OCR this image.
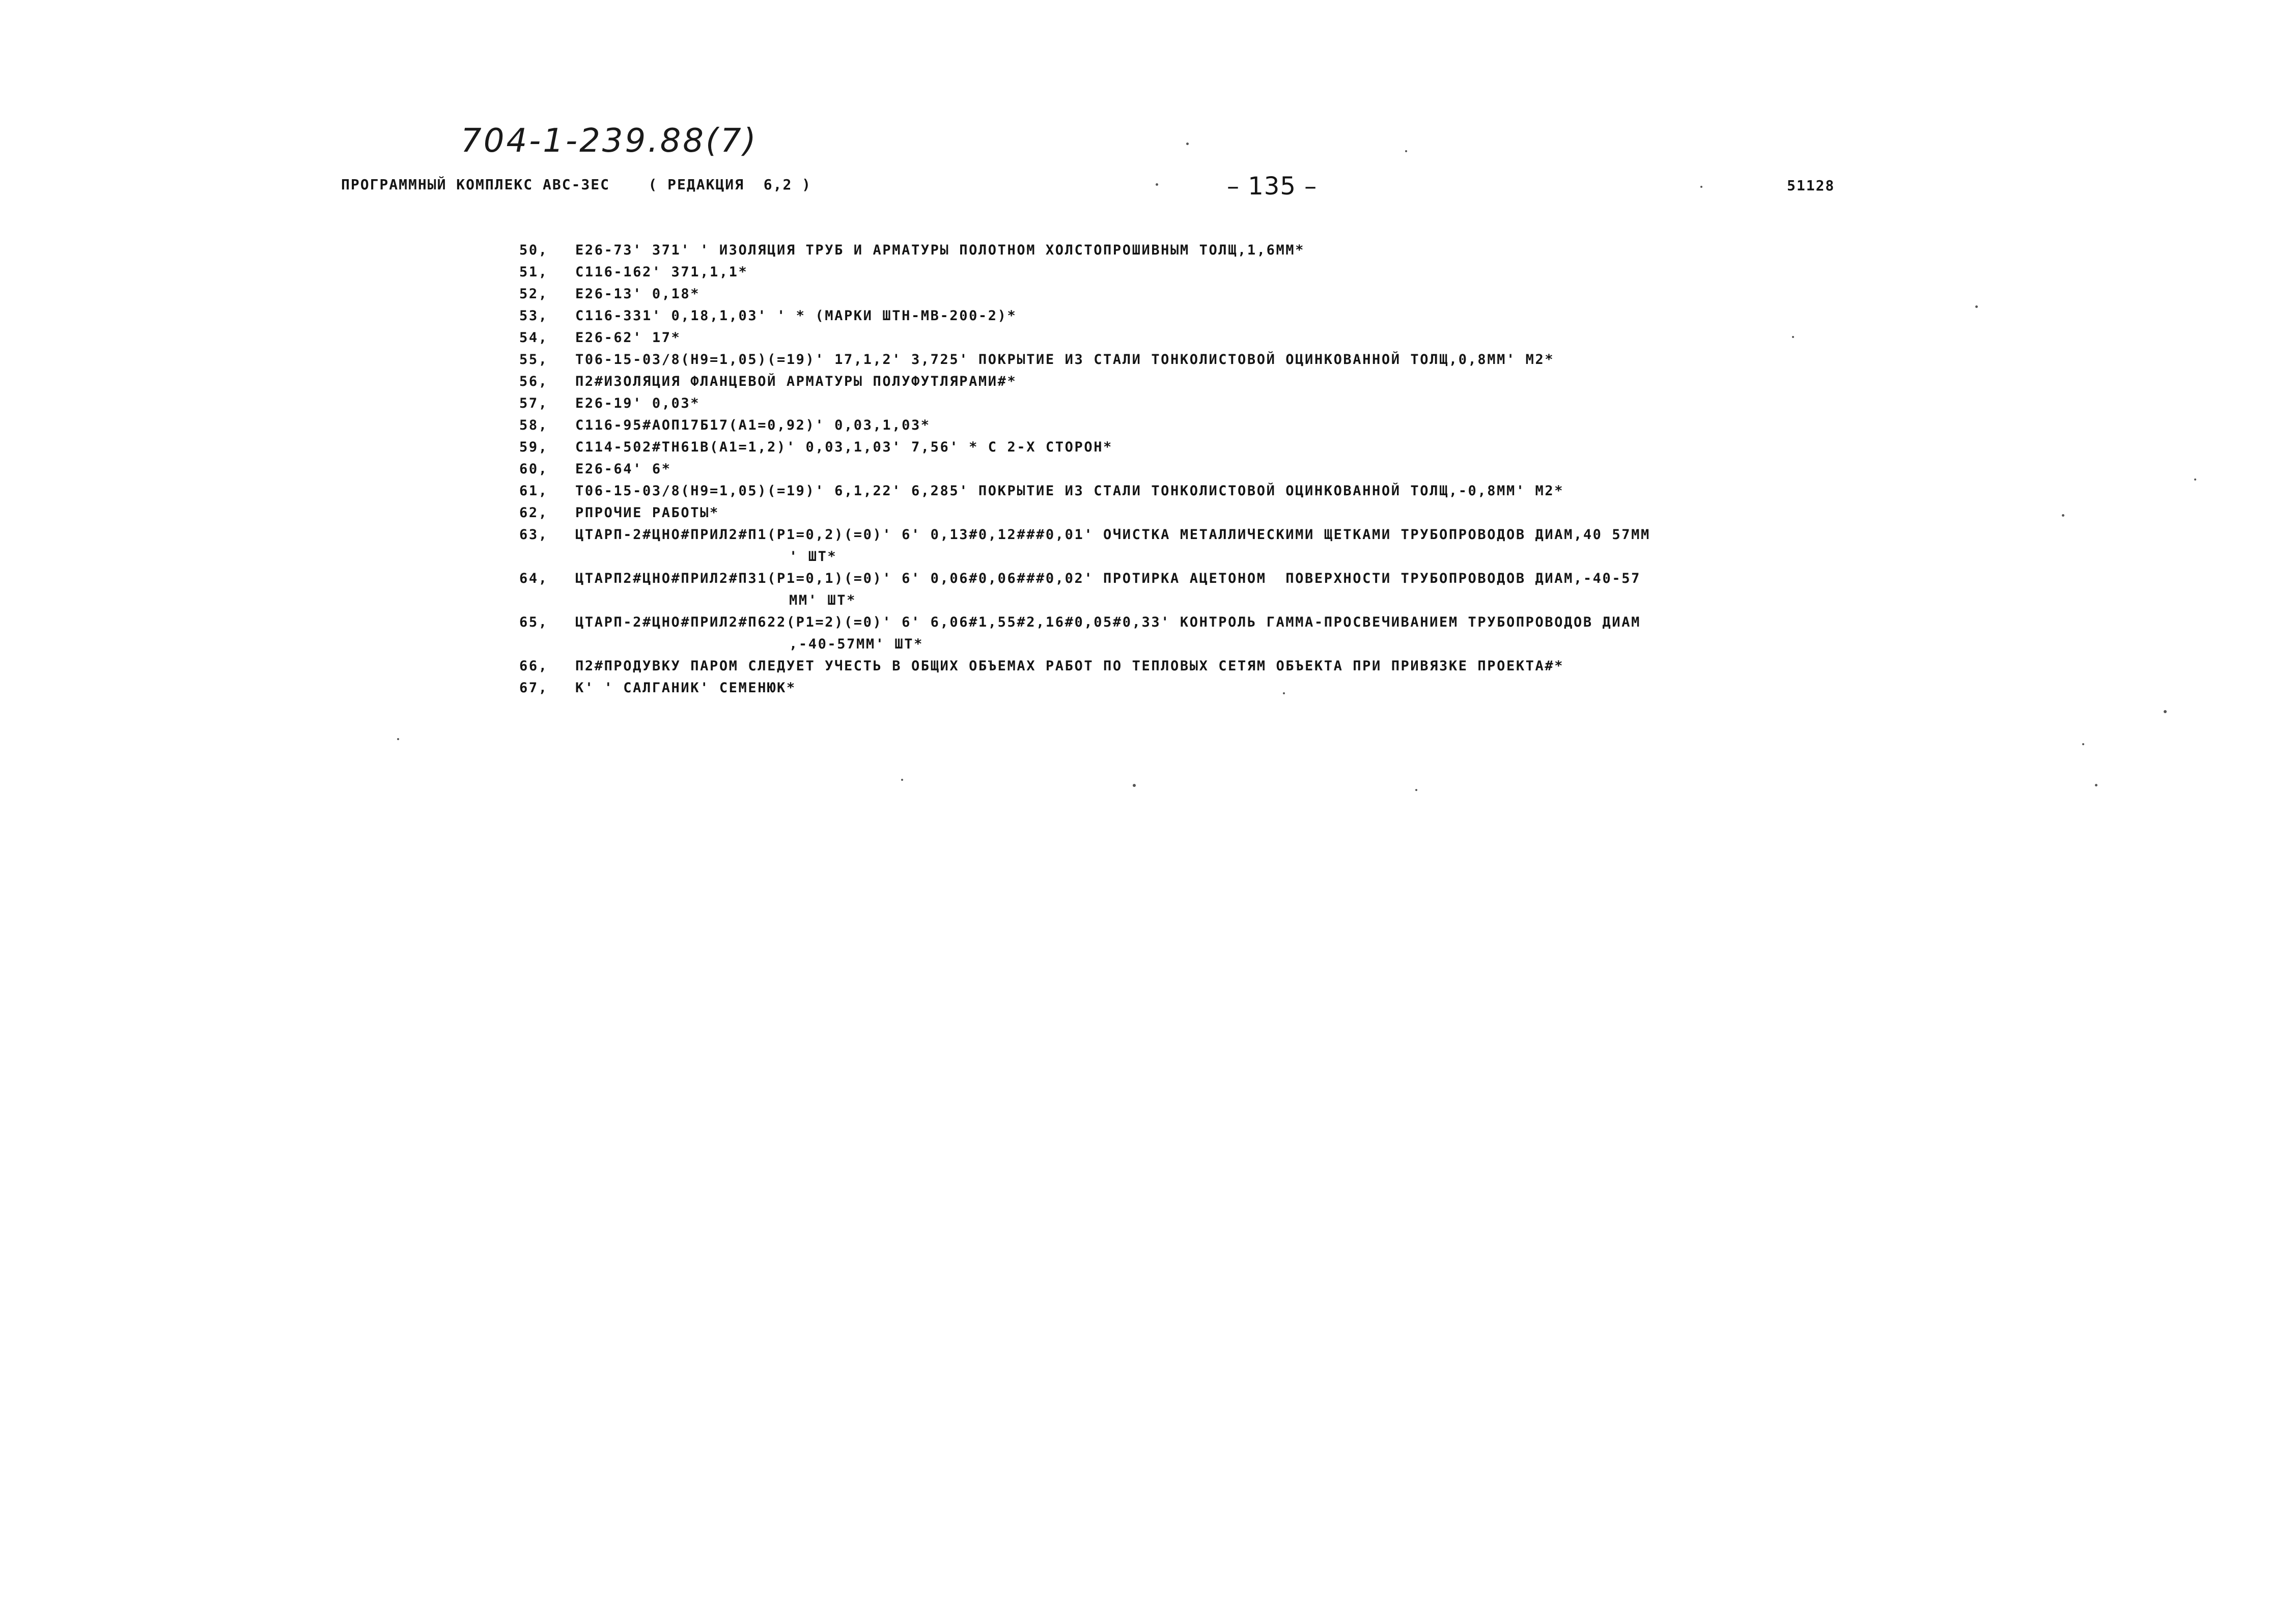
704-1-239.88(7)
ПРОГРАММНЫЙ КОМПЛЕКС АВС-3ЕС    ( РЕДАКЦИЯ  6,2 )	– 135 –	51128
50,	Е26-73' 371' ' ИЗОЛЯЦИЯ ТРУБ И АРМАТУРЫ ПОЛОТНОМ ХОЛСТОПРОШИВНЫМ ТОЛЩ,1,6ММ*
51,	С116-162' 371,1,1*
52,	Е26-13' 0,18*
53,	С116-331' 0,18,1,03' ' * (МАРКИ ШТН-МВ-200-2)*
54,	Е26-62' 17*
55,	Т06-15-03/8(Н9=1,05)(=19)' 17,1,2' 3,725' ПОКРЫТИЕ ИЗ СТАЛИ ТОНКОЛИСТОВОЙ ОЦИНКОВАННОЙ ТОЛЩ,0,8ММ' М2*
56,	П2#ИЗОЛЯЦИЯ ФЛАНЦЕВОЙ АРМАТУРЫ ПОЛУФУТЛЯРАМИ#*
57,	Е26-19' 0,03*
58,	С116-95#АОП17Б17(А1=0,92)' 0,03,1,03*
59,	С114-502#ТН61В(А1=1,2)' 0,03,1,03' 7,56' * С 2-Х СТОРОН*
60,	Е26-64' 6*
61,	Т06-15-03/8(Н9=1,05)(=19)' 6,1,22' 6,285' ПОКРЫТИЕ ИЗ СТАЛИ ТОНКОЛИСТОВОЙ ОЦИНКОВАННОЙ ТОЛЩ,-0,8ММ' М2*
62,	РПРОЧИЕ РАБОТЫ*
63,	ЦТАРП-2#ЦНО#ПРИЛ2#П1(Р1=0,2)(=0)' 6' 0,13#0,12###0,01' ОЧИСТКА МЕТАЛЛИЧЕСКИМИ ЩЕТКАМИ ТРУБОПРОВОДОВ ДИАМ,40 57ММ
' ШТ*
64,	ЦТАРП2#ЦНО#ПРИЛ2#П31(Р1=0,1)(=0)' 6' 0,06#0,06###0,02' ПРОТИРКА АЦЕТОНОМ  ПОВЕРХНОСТИ ТРУБОПРОВОДОВ ДИАМ,-40-57
ММ' ШТ*
65,	ЦТАРП-2#ЦНО#ПРИЛ2#П622(Р1=2)(=0)' 6' 6,06#1,55#2,16#0,05#0,33' КОНТРОЛЬ ГАММА-ПРОСВЕЧИВАНИЕМ ТРУБОПРОВОДОВ ДИАМ
,-40-57ММ' ШТ*
66,	П2#ПРОДУВКУ ПАРОМ СЛЕДУЕТ УЧЕСТЬ В ОБЩИХ ОБЪЕМАХ РАБОТ ПО ТЕПЛОВЫХ СЕТЯМ ОБЪЕКТА ПРИ ПРИВЯЗКЕ ПРОЕКТА#*
67,	К' ' САЛГАНИК' СЕМЕНЮК*
